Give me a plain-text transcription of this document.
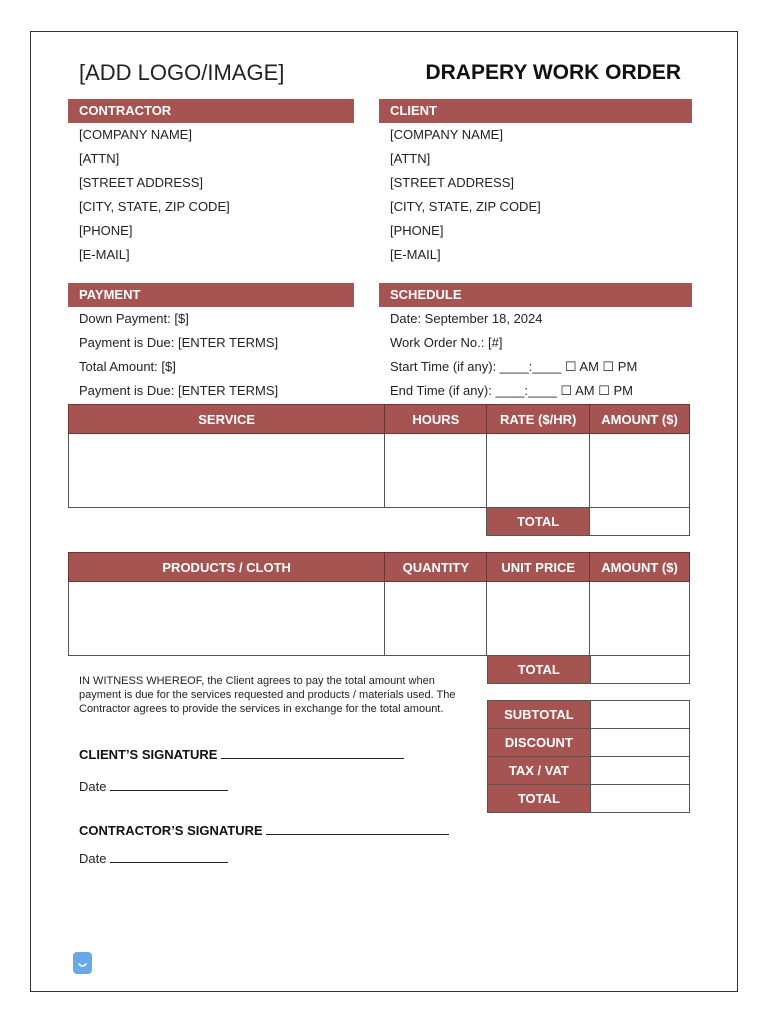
[ADD LOGO/IMAGE]	DRAPERY WORK ORDER
CONTRACTOR
[COMPANY NAME]
[ATTN]
[STREET ADDRESS]
[CITY, STATE, ZIP CODE]
[PHONE]
[E-MAIL]
CLIENT
[COMPANY NAME]
[ATTN]
[STREET ADDRESS]
[CITY, STATE, ZIP CODE]
[PHONE]
[E-MAIL]
PAYMENT
Down Payment: [$]
Payment is Due: [ENTER TERMS]
Total Amount: [$]
Payment is Due: [ENTER TERMS]
SCHEDULE
Date: September 18, 2024
Work Order No.: [#]
Start Time (if any): ____:____ ☐ AM ☐ PM
End Time (if any): ____:____ ☐ AM ☐ PM
SERVICE	HOURS	RATE ($/HR)	AMOUNT ($)

		TOTAL	
PRODUCTS / CLOTH	QUANTITY	UNIT PRICE	AMOUNT ($)

TOTAL	
SUBTOTAL	
DISCOUNT	
TAX / VAT	
TOTAL	
IN WITNESS WHEREOF, the Client agrees to pay the total amount when payment is due for the services requested and products / materials used. The Contractor agrees to provide the services in exchange for the total amount.
CLIENT’S SIGNATURE
Date
CONTRACTOR’S SIGNATURE
Date
